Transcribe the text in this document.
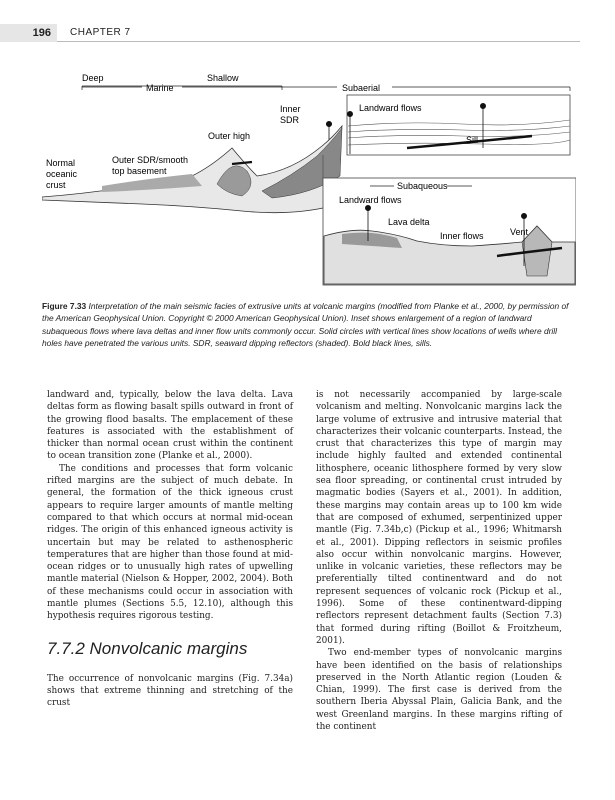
196	CHAPTER 7
Deep	Shallow
Marine	Subaerial
Landward flows
Sill
Inner
SDR
Outer high
Normal
oceanic
crust
Outer SDR/smooth
top basement
Subaqueous
Landward flows
Lava delta
Inner flows	Vent
Figure 7.33 Interpretation of the main seismic facies of extrusive units at volcanic margins (modified from Planke et al., 2000, by permission of the American Geophysical Union. Copyright © 2000 American Geophysical Union). Inset shows enlargement of a region of landward subaqueous flows where lava deltas and inner flow units commonly occur. Solid circles with vertical lines show locations of wells where drill holes have penetrated the various units. SDR, seaward dipping reflectors (shaded). Bold black lines, sills.

landward and, typically, below the lava delta. Lava deltas form as flowing basalt spills outward in front of the growing flood basalts. The emplacement of these features is associated with the establishment of thicker than normal ocean crust within the continent to ocean transition zone (Planke et al., 2000).

The conditions and processes that form volcanic rifted margins are the subject of much debate. In general, the formation of the thick igneous crust appears to require larger amounts of mantle melting compared to that which occurs at normal mid-ocean ridges. The origin of this enhanced igneous activity is uncertain but may be related to asthenospheric temperatures that are higher than those found at mid-ocean ridges or to unusually high rates of upwelling mantle material (Nielson & Hopper, 2002, 2004). Both of these mechanisms could occur in association with mantle plumes (Sections 5.5, 12.10), although this hypothesis requires rigorous testing.

7.7.2 Nonvolcanic margins

The occurrence of nonvolcanic margins (Fig. 7.34a) shows that extreme thinning and stretching of the crust

is not necessarily accompanied by large-scale volcanism and melting. Nonvolcanic margins lack the large volume of extrusive and intrusive material that characterizes their volcanic counterparts. Instead, the crust that characterizes this type of margin may include highly faulted and extended continental lithosphere, oceanic lithosphere formed by very slow sea floor spreading, or continental crust intruded by magmatic bodies (Sayers et al., 2001). In addition, these margins may contain areas up to 100 km wide that are composed of exhumed, serpentinized upper mantle (Fig. 7.34b,c) (Pickup et al., 1996; Whitmarsh et al., 2001). Dipping reflectors in seismic profiles also occur within nonvolcanic margins. However, unlike in volcanic varieties, these reflectors may be preferentially tilted continentward and do not represent sequences of volcanic rock (Pickup et al., 1996). Some of these continentward-dipping reflectors represent detachment faults (Section 7.3) that formed during rifting (Boillot & Froitzheum, 2001).

Two end-member types of nonvolcanic margins have been identified on the basis of relationships preserved in the North Atlantic region (Louden & Chian, 1999). The first case is derived from the southern Iberia Abyssal Plain, Galicia Bank, and the west Greenland margins. In these margins rifting of the continent
